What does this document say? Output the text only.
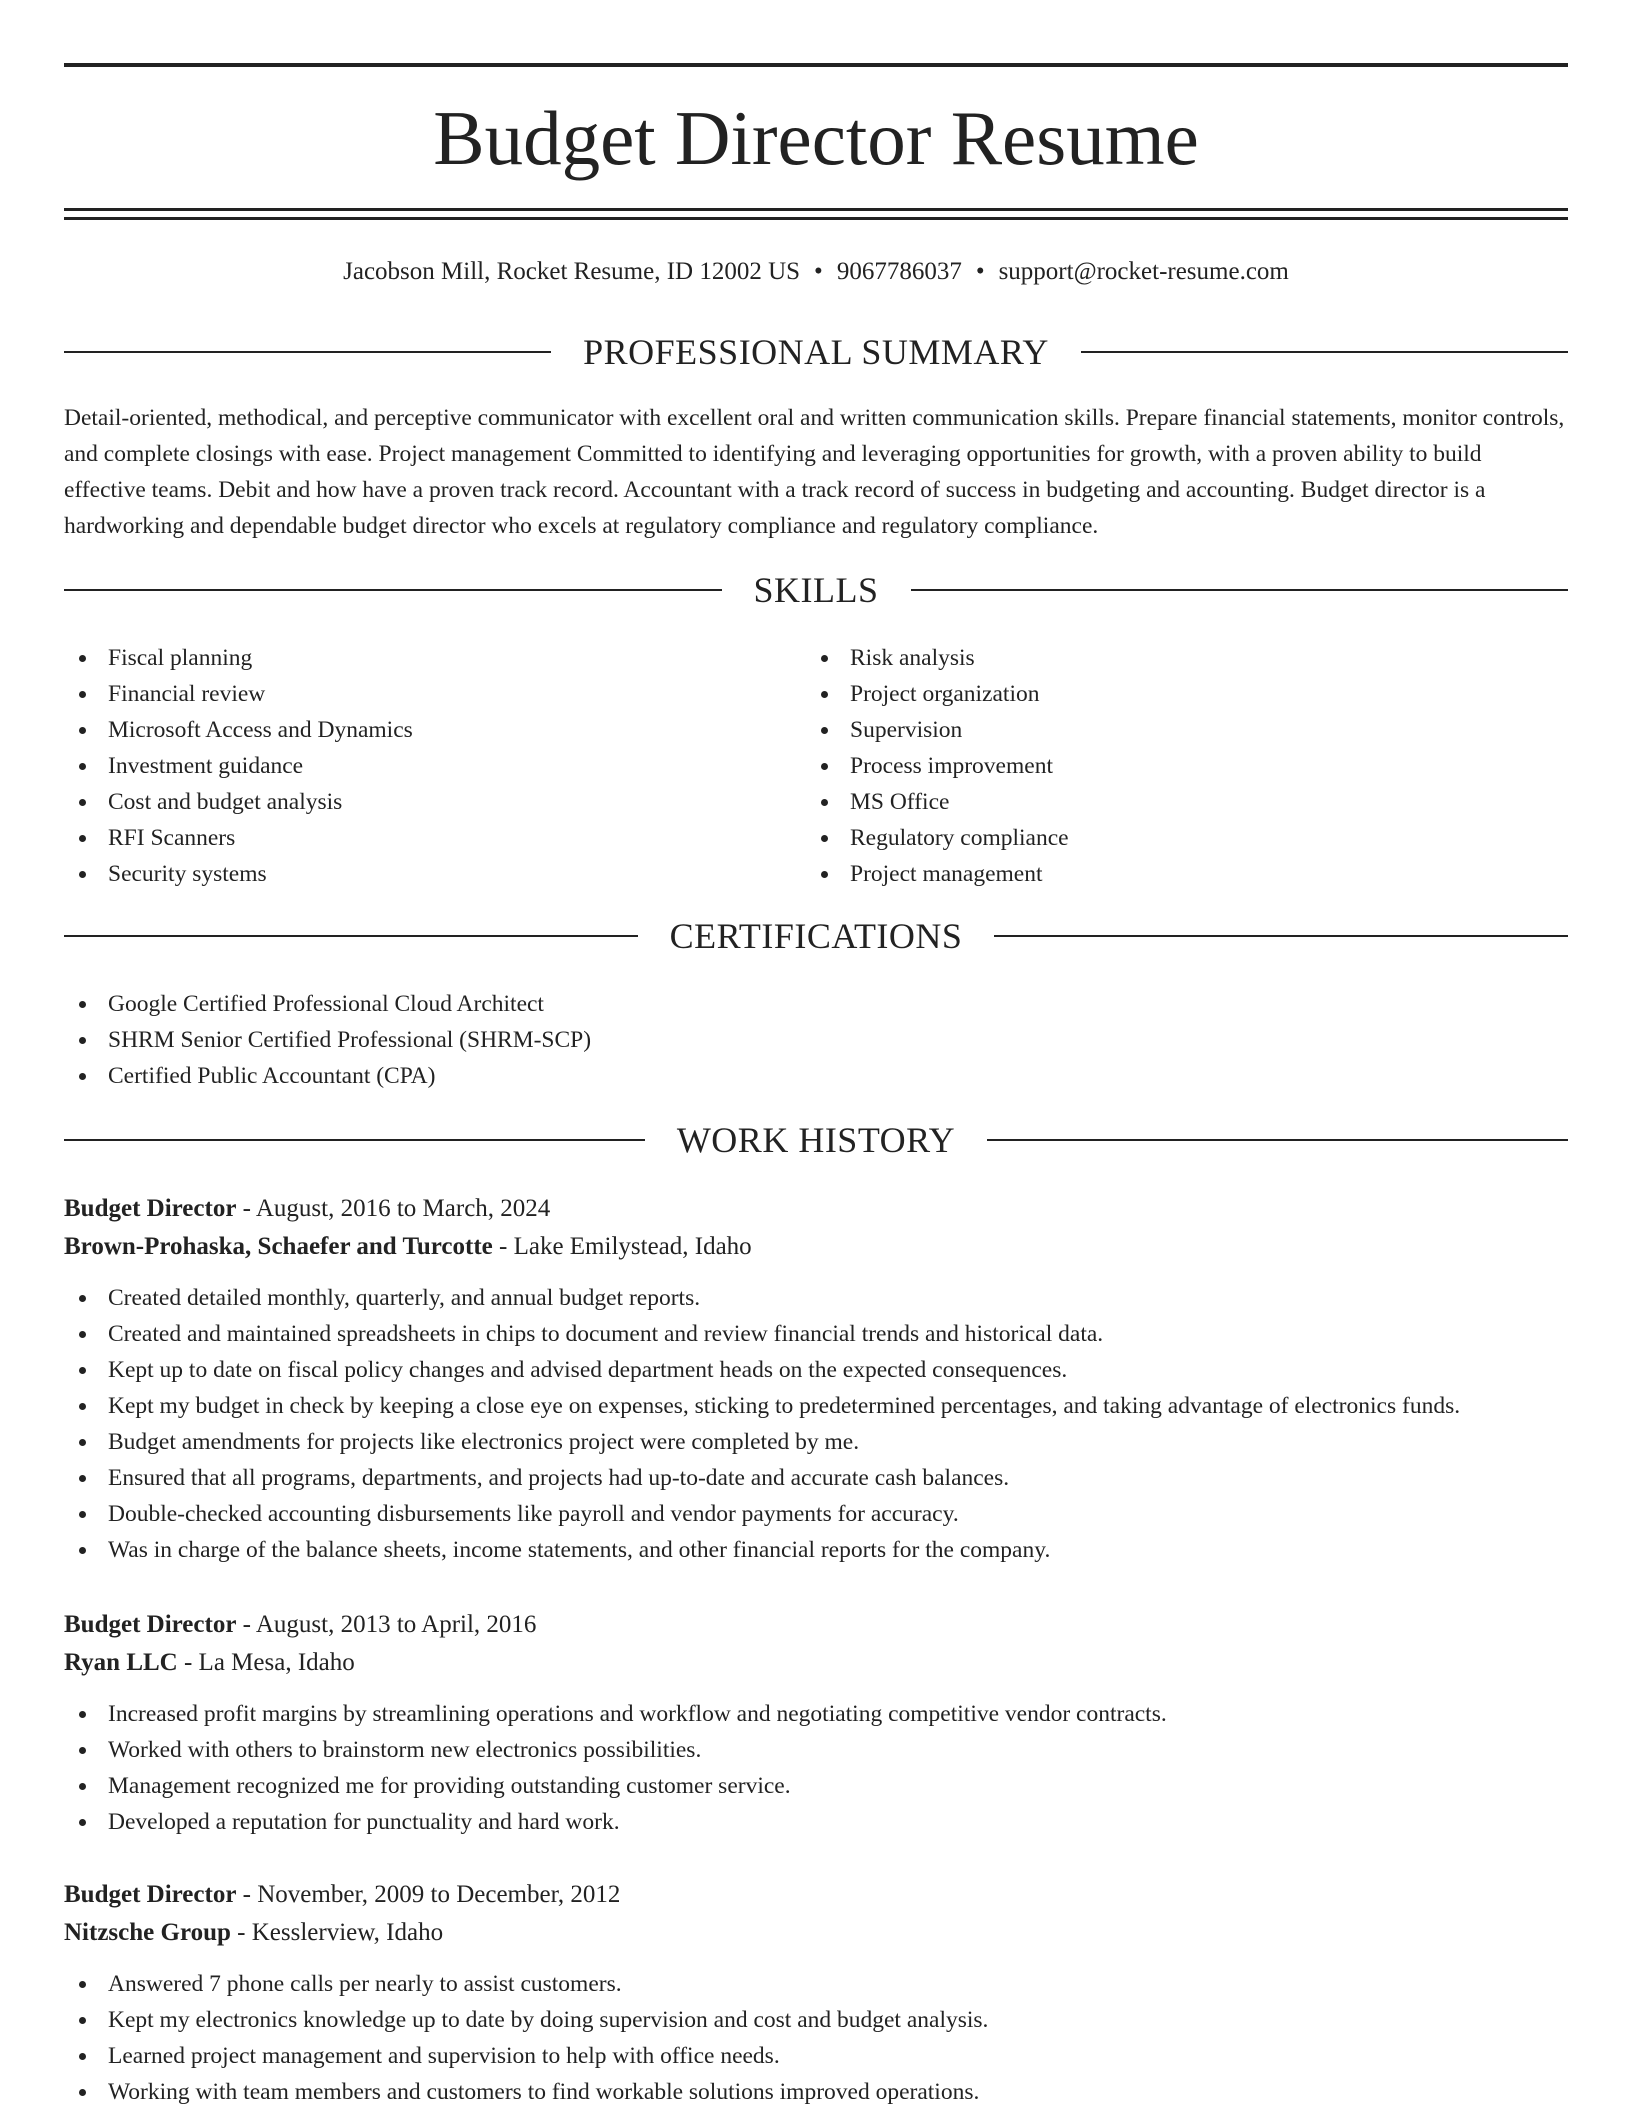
Budget Director Resume
Jacobson Mill, Rocket Resume, ID 12002 US • 9067786037 • support@rocket-resume.com
PROFESSIONAL SUMMARY

Detail-oriented, methodical, and perceptive communicator with excellent oral and written communication skills. Prepare financial statements, monitor controls, and complete closings with ease. Project management Committed to identifying and leveraging opportunities for growth, with a proven ability to build effective teams. Debit and how have a proven track record. Accountant with a track record of success in budgeting and accounting. Budget director is a hardworking and dependable budget director who excels at regulatory compliance and regulatory compliance.

SKILLS
Fiscal planning
Financial review
Microsoft Access and Dynamics
Investment guidance
Cost and budget analysis
RFI Scanners
Security systems
Risk analysis
Project organization
Supervision
Process improvement
MS Office
Regulatory compliance
Project management
CERTIFICATIONS
Google Certified Professional Cloud Architect
SHRM Senior Certified Professional (SHRM-SCP)
Certified Public Accountant (CPA)
WORK HISTORY
Budget Director - August, 2016 to March, 2024
Brown-Prohaska, Schaefer and Turcotte - Lake Emilystead, Idaho
Created detailed monthly, quarterly, and annual budget reports.
Created and maintained spreadsheets in chips to document and review financial trends and historical data.
Kept up to date on fiscal policy changes and advised department heads on the expected consequences.
Kept my budget in check by keeping a close eye on expenses, sticking to predetermined percentages, and taking advantage of electronics funds.
Budget amendments for projects like electronics project were completed by me.
Ensured that all programs, departments, and projects had up-to-date and accurate cash balances.
Double-checked accounting disbursements like payroll and vendor payments for accuracy.
Was in charge of the balance sheets, income statements, and other financial reports for the company.
Budget Director - August, 2013 to April, 2016
Ryan LLC - La Mesa, Idaho
Increased profit margins by streamlining operations and workflow and negotiating competitive vendor contracts.
Worked with others to brainstorm new electronics possibilities.
Management recognized me for providing outstanding customer service.
Developed a reputation for punctuality and hard work.
Budget Director - November, 2009 to December, 2012
Nitzsche Group - Kesslerview, Idaho
Answered 7 phone calls per nearly to assist customers.
Kept my electronics knowledge up to date by doing supervision and cost and budget analysis.
Learned project management and supervision to help with office needs.
Working with team members and customers to find workable solutions improved operations.
